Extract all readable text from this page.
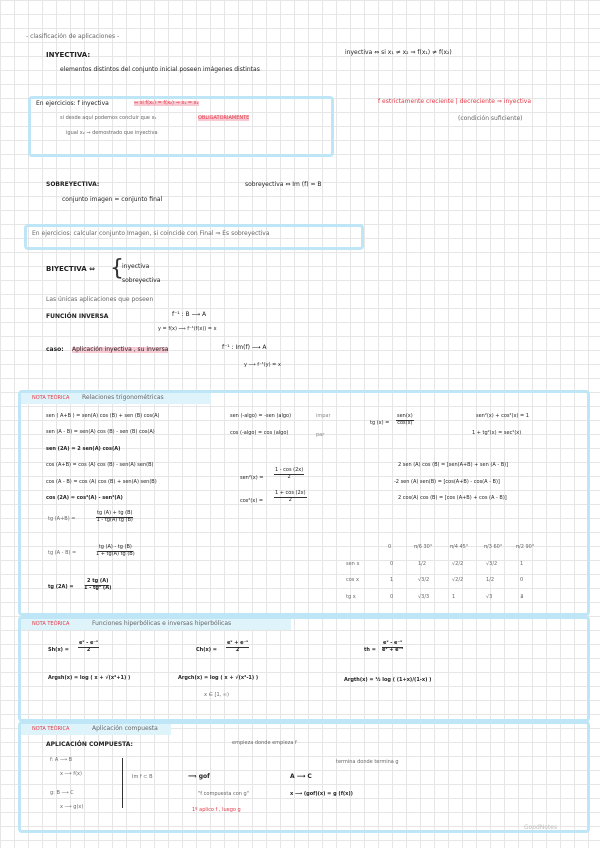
- clasificación de aplicaciones -
INYECTIVA:
elementos distintos del conjunto inicial poseen imágenes distintas
inyectiva ⇔ si x₁ ≠ x₂ ⇒ f(x₁) ≠ f(x₂)
En ejercicios: f inyectiva	⇔ si f(x₁) = f(x₂) ⇒ x₁ = x₂
si desde aquí podemos concluir que x₁	OBLIGATORIAMENTE
igual x₂ ⇒ demostrado que inyectiva
f estrictamente creciente | decreciente ⇒ inyectiva
(condición suficiente)
SOBREYECTIVA:
conjunto imagen = conjunto final
sobreyectiva ⇔ Im (f) = B
En ejercicios: calcular conjunto Imagen, si coincide con Final ⇒ Es sobreyectiva
BIYECTIVA ⇔ {
inyectiva
sobreyectiva
Las únicas aplicaciones que poseen
FUNCIÓN INVERSA	f⁻¹ : B ⟶ A
y = f(x) ⟹ f⁻¹(f(x)) = x
caso: Aplicación inyectiva , su inversa	f⁻¹ : Im(f) ⟶ A
y ⟶ f⁻¹(y) = x
NOTA TEÓRICA Relaciones trigonométricas
sen ( A+B ) = sen(A) cos (B) + sen (B) cos(A)
sen (A - B) = sen(A) cos (B) - sen (B) cos(A)
sen (2A) = 2 sen(A) cos(A)
cos (A+B) = cos (A) cos (B) - sen(A) sen(B)
cos (A - B) = cos (A) cos (B) + sen(A) sen(B)
cos (2A) = cos²(A) - sen²(A)
sen (-algo) = -sen (algo)	impar
cos (-algo) = cos (algo)	par
tg (x) =
sen(x)
cos(x)
sen²(x) + cos²(x) = 1
1 + tg²(x) = sec²(x)
$sen^2(x) = \frac{1 - \cos (2x)}{2}$
$\cos^2(x) = \frac{1 + \cos (2x)}{2}$
2 sen (A) cos (B) = [sen(A+B) + sen (A - B)]
-2 sen (A) sen(B) = [cos(A+B) - cos(A - B)]
2 cos(A) cos (B) = [cos (A+B) + cos (A - B)]
tg (A+B) =	$\frac{tg (A) + tg (B)}{1 - tg(A) tg (B)}$
tg (A - B) =	$\frac{tg (A) - tg (B)}{1 + tg(A) tg (B)}$
tg $(2A) = \frac{2 tg (A)}{\text{1 - tg² (A)}}$
0	π/6 30°	π/4 45°	π/3 60°	π/2 90°
sen x	0	1/2	√2/2	√3/2	1
cos x	1	√3/2	√2/2	1/2	0
tg x	0	√3/3	1	√3	∄
NOTA TEÓRICA	Funciones hiperbólicas e inversas hiperbólicas
$Sh(x) = \frac{\text{eˣ - e⁻ˣ}}{2}$	$Ch(x) = \frac{\text{eˣ + e⁻ˣ}}{2}$	th = $\frac{\text{eˣ - e⁻ˣ}}{\text{eˣ + e⁻ˣ}}$
Argsh(x) = log ( x + √(x²+1) )	Argch(x) = log ( x + √(x²-1) )
x ∈ [1, ∞)
Argth(x) = ½ log ( (1+x)/(1-x) )
NOTA TEÓRICA	Aplicación compuesta
APLICACIÓN COMPUESTA:	empieza donde empieza f
termina donde termina g
f: A ⟶ B
x ⟶ f(x)
g: B ⟶ C
x ⟶ g(x)
Im f ⊂ B	⟹ gof
"f compuesta con g"
1º aplico f , luego g
A ⟶ C
x ⟶ (gof)(x) = g (f(x))
GoodNotes
